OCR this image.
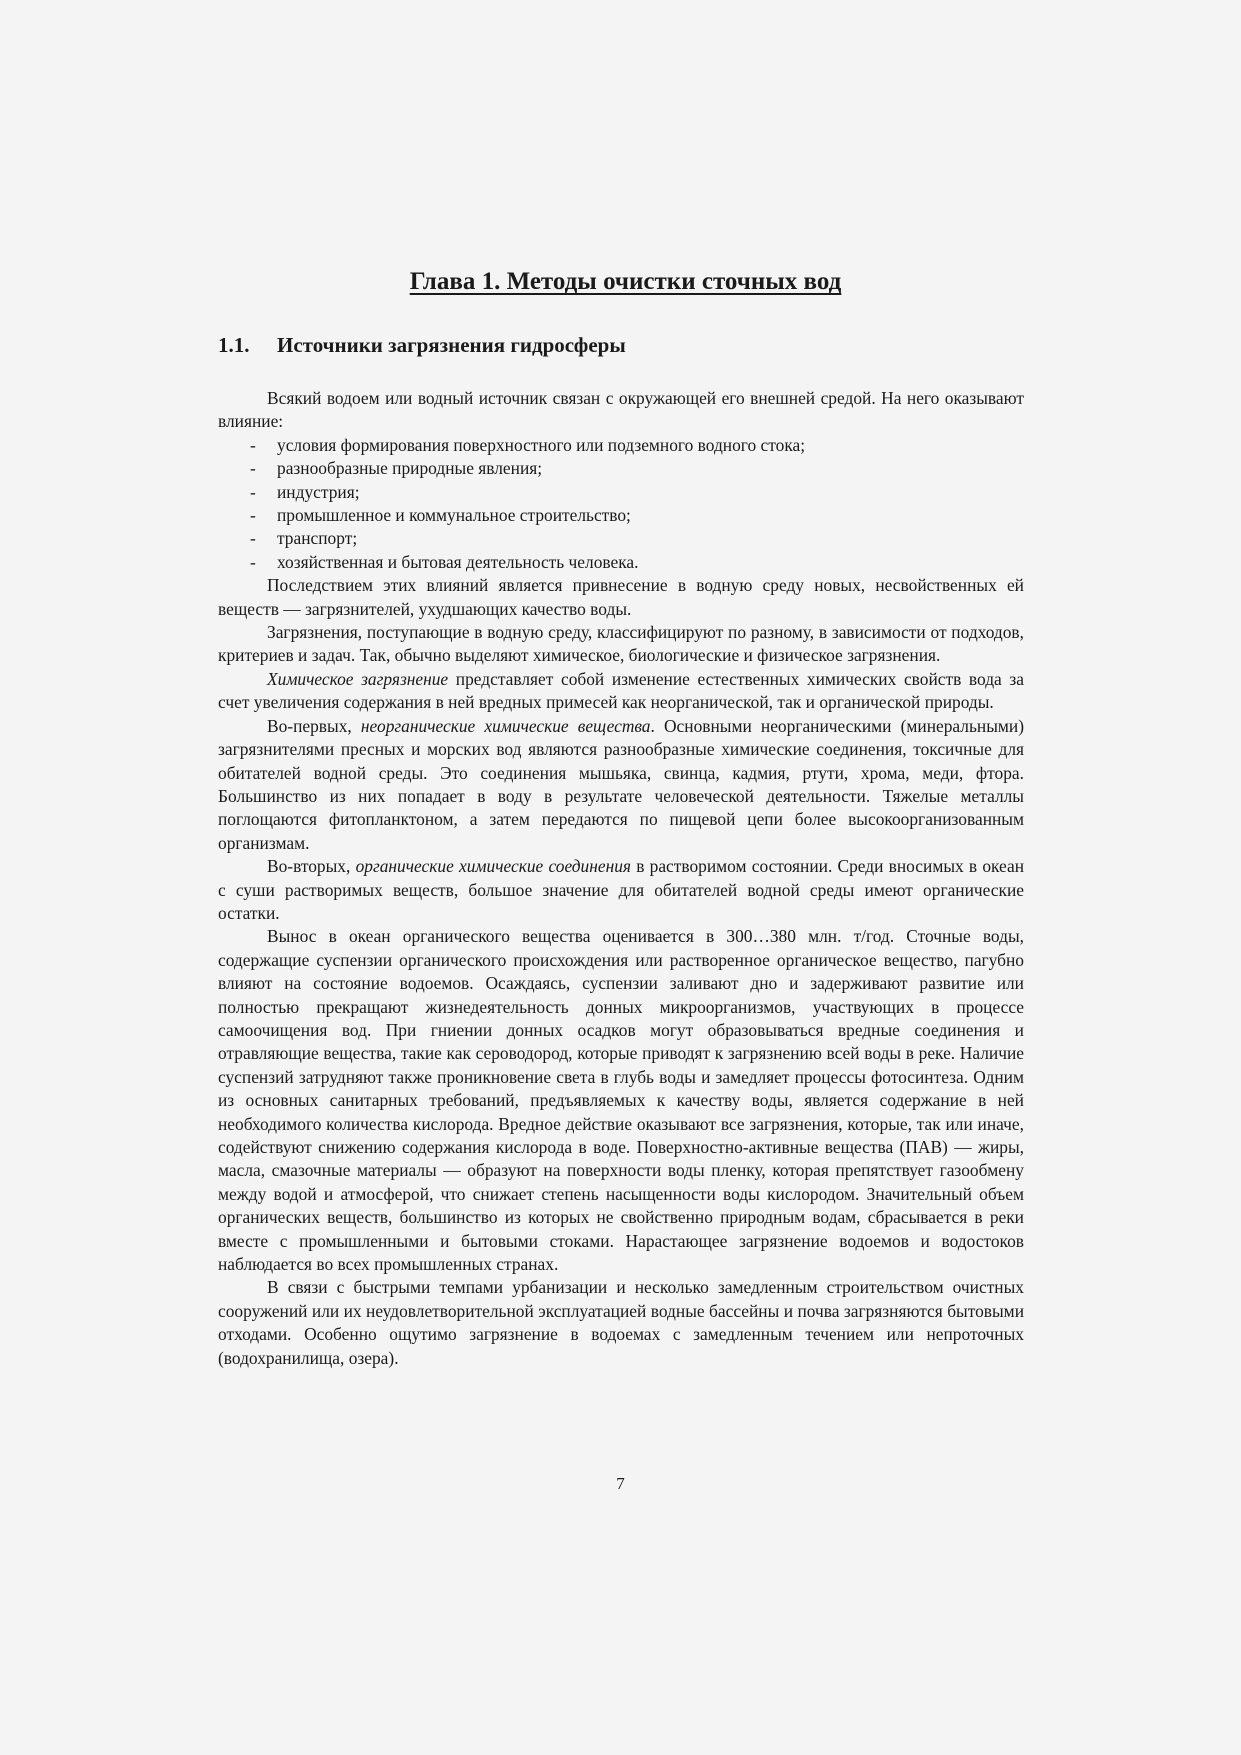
Глава 1. Методы очистки сточных вод
1.1.	Источники загрязнения гидросферы

Всякий водоем или водный источник связан с окружающей его внешней средой. На него оказывают влияние:

- условия формирования поверхностного или подземного водного стока;
- разнообразные природные явления;
- индустрия;
- промышленное и коммунальное строительство;
- транспорт;
- хозяйственная и бытовая деятельность человека.

Последствием этих влияний является привнесение в водную среду новых, несвойственных ей веществ — загрязнителей, ухудшающих качество воды.

Загрязнения, поступающие в водную среду, классифицируют по разному, в зависимости от подходов, критериев и задач. Так, обычно выделяют химическое, биологические и физическое загрязнения.

Химическое загрязнение представляет собой изменение естественных химических свойств вода за счет увеличения содержания в ней вредных примесей как неорганической, так и органической природы.

Во-первых, неорганические химические вещества. Основными неорганическими (минеральными) загрязнителями пресных и морских вод являются разнообразные химические соединения, токсичные для обитателей водной среды. Это соединения мышьяка, свинца, кадмия, ртути, хрома, меди, фтора. Большинство из них попадает в воду в результате человеческой деятельности. Тяжелые металлы поглощаются фитопланктоном, а затем передаются по пищевой цепи более высокоорганизованным организмам.

Во-вторых, органические химические соединения в растворимом состоянии. Среди вносимых в океан с суши растворимых веществ, большое значение для обитателей водной среды имеют органические остатки.

Вынос в океан органического вещества оценивается в 300…380 млн. т/год. Сточные воды, содержащие суспензии органического происхождения или растворенное органическое вещество, пагубно влияют на состояние водоемов. Осаждаясь, суспензии заливают дно и задерживают развитие или полностью прекращают жизнедеятельность донных микроорганизмов, участвующих в процессе самоочищения вод. При гниении донных осадков могут образовываться вредные соединения и отравляющие вещества, такие как сероводород, которые приводят к загрязнению всей воды в реке. Наличие суспензий затрудняют также проникновение света в глубь воды и замедляет процессы фотосинтеза. Одним из основных санитарных требований, предъявляемых к качеству воды, является содержание в ней необходимого количества кислорода. Вредное действие оказывают все загрязнения, которые, так или иначе, содействуют снижению содержания кислорода в воде. Поверхностно-активные вещества (ПАВ) — жиры, масла, смазочные материалы — образуют на поверхности воды пленку, которая препятствует газообмену между водой и атмосферой, что снижает степень насыщенности воды кислородом. Значительный объем органических веществ, большинство из которых не свойственно природным водам, сбрасывается в реки вместе с промышленными и бытовыми стоками. Нарастающее загрязнение водоемов и водостоков наблюдается во всех промышленных странах.

В связи с быстрыми темпами урбанизации и несколько замедленным строительством очистных сооружений или их неудовлетворительной эксплуатацией водные бассейны и почва загрязняются бытовыми отходами. Особенно ощутимо загрязнение в водоемах с замедленным течением или непроточных (водохранилища, озера).

7
